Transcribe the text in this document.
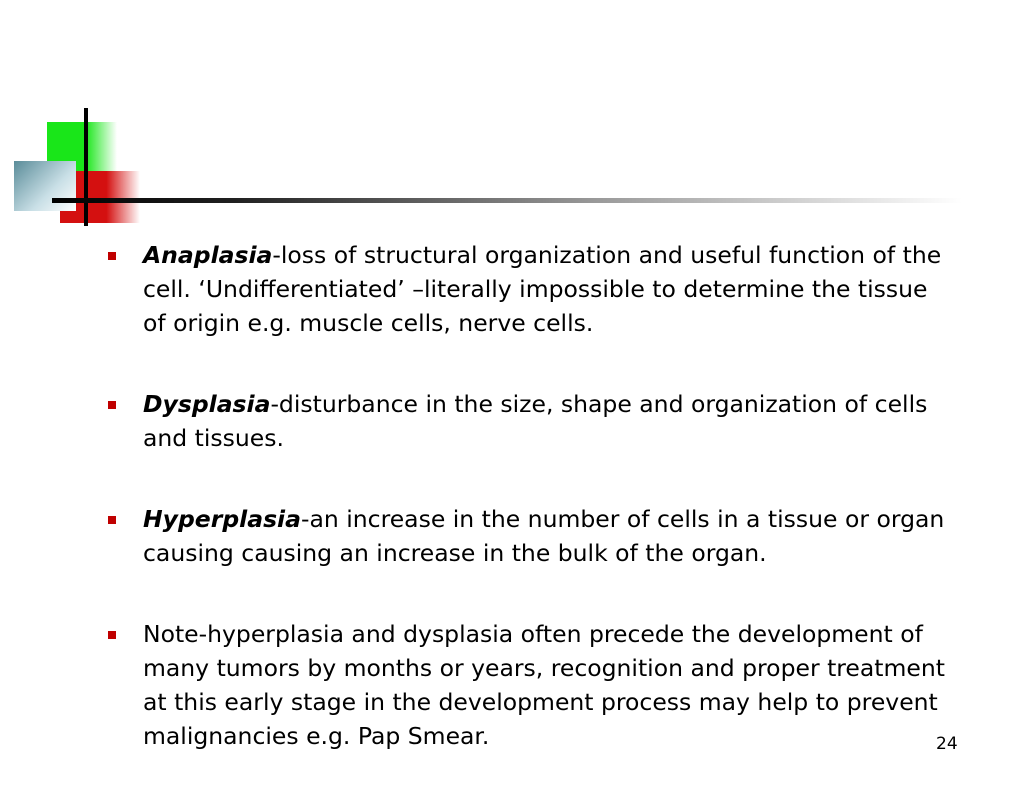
Anaplasia-loss of structural organization and useful function of the cell. ‘Undifferentiated’ –literally impossible to determine the tissue of origin e.g. muscle cells, nerve cells.
Dysplasia-disturbance in the size, shape and organization of cells and tissues.
Hyperplasia-an increase in the number of cells in a tissue or organ causing causing an increase in the bulk of the organ.
Note-hyperplasia and dysplasia often precede the development of many tumors by months or years, recognition and proper treatment at this early stage in the development process may help to prevent malignancies e.g. Pap Smear.	24
